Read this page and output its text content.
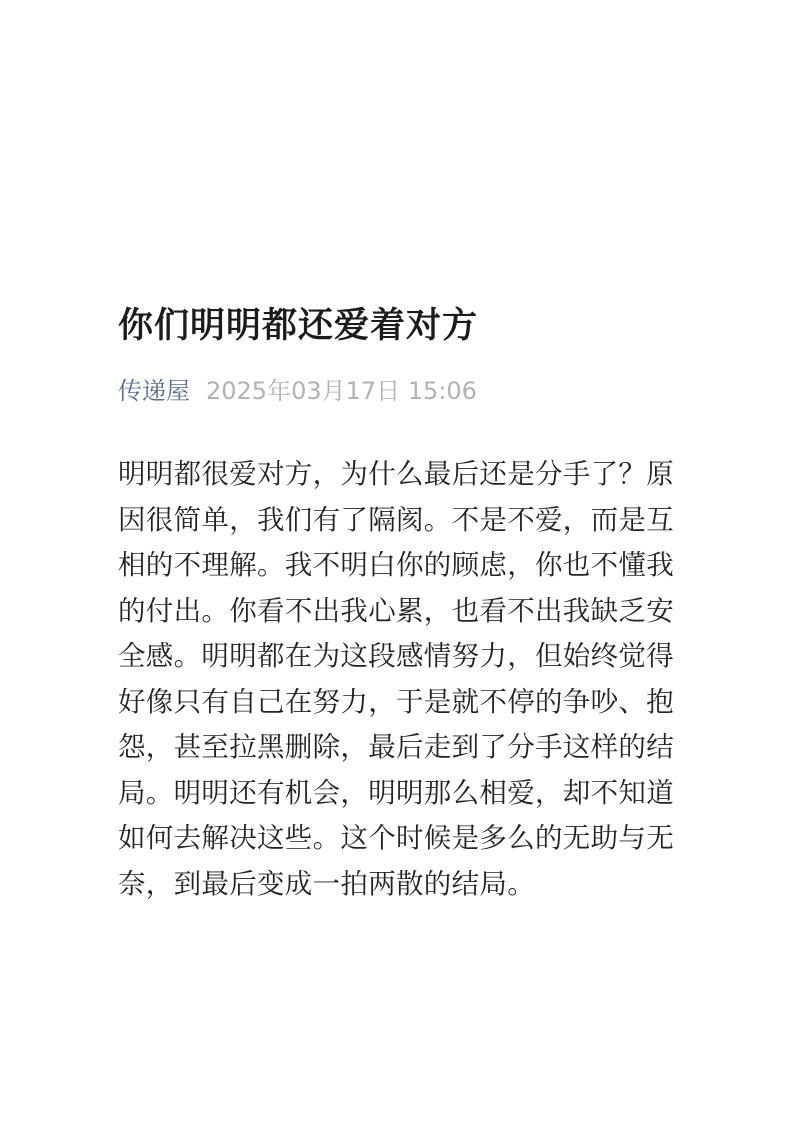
你们明明都还爱着对方
传递屋 2025年03月17日 15:06
明明都很爱对方，为什么最后还是分手了？原因很简单，我们有了隔阂。不是不爱，而是互相的不理解。我不明白你的顾虑，你也不懂我的付出。你看不出我心累，也看不出我缺乏安全感。明明都在为这段感情努力，但始终觉得好像只有自己在努力，于是就不停的争吵、抱怨，甚至拉黑删除，最后走到了分手这样的结局。明明还有机会，明明那么相爱，却不知道如何去解决这些。这个时候是多么的无助与无奈，到最后变成一拍两散的结局。
